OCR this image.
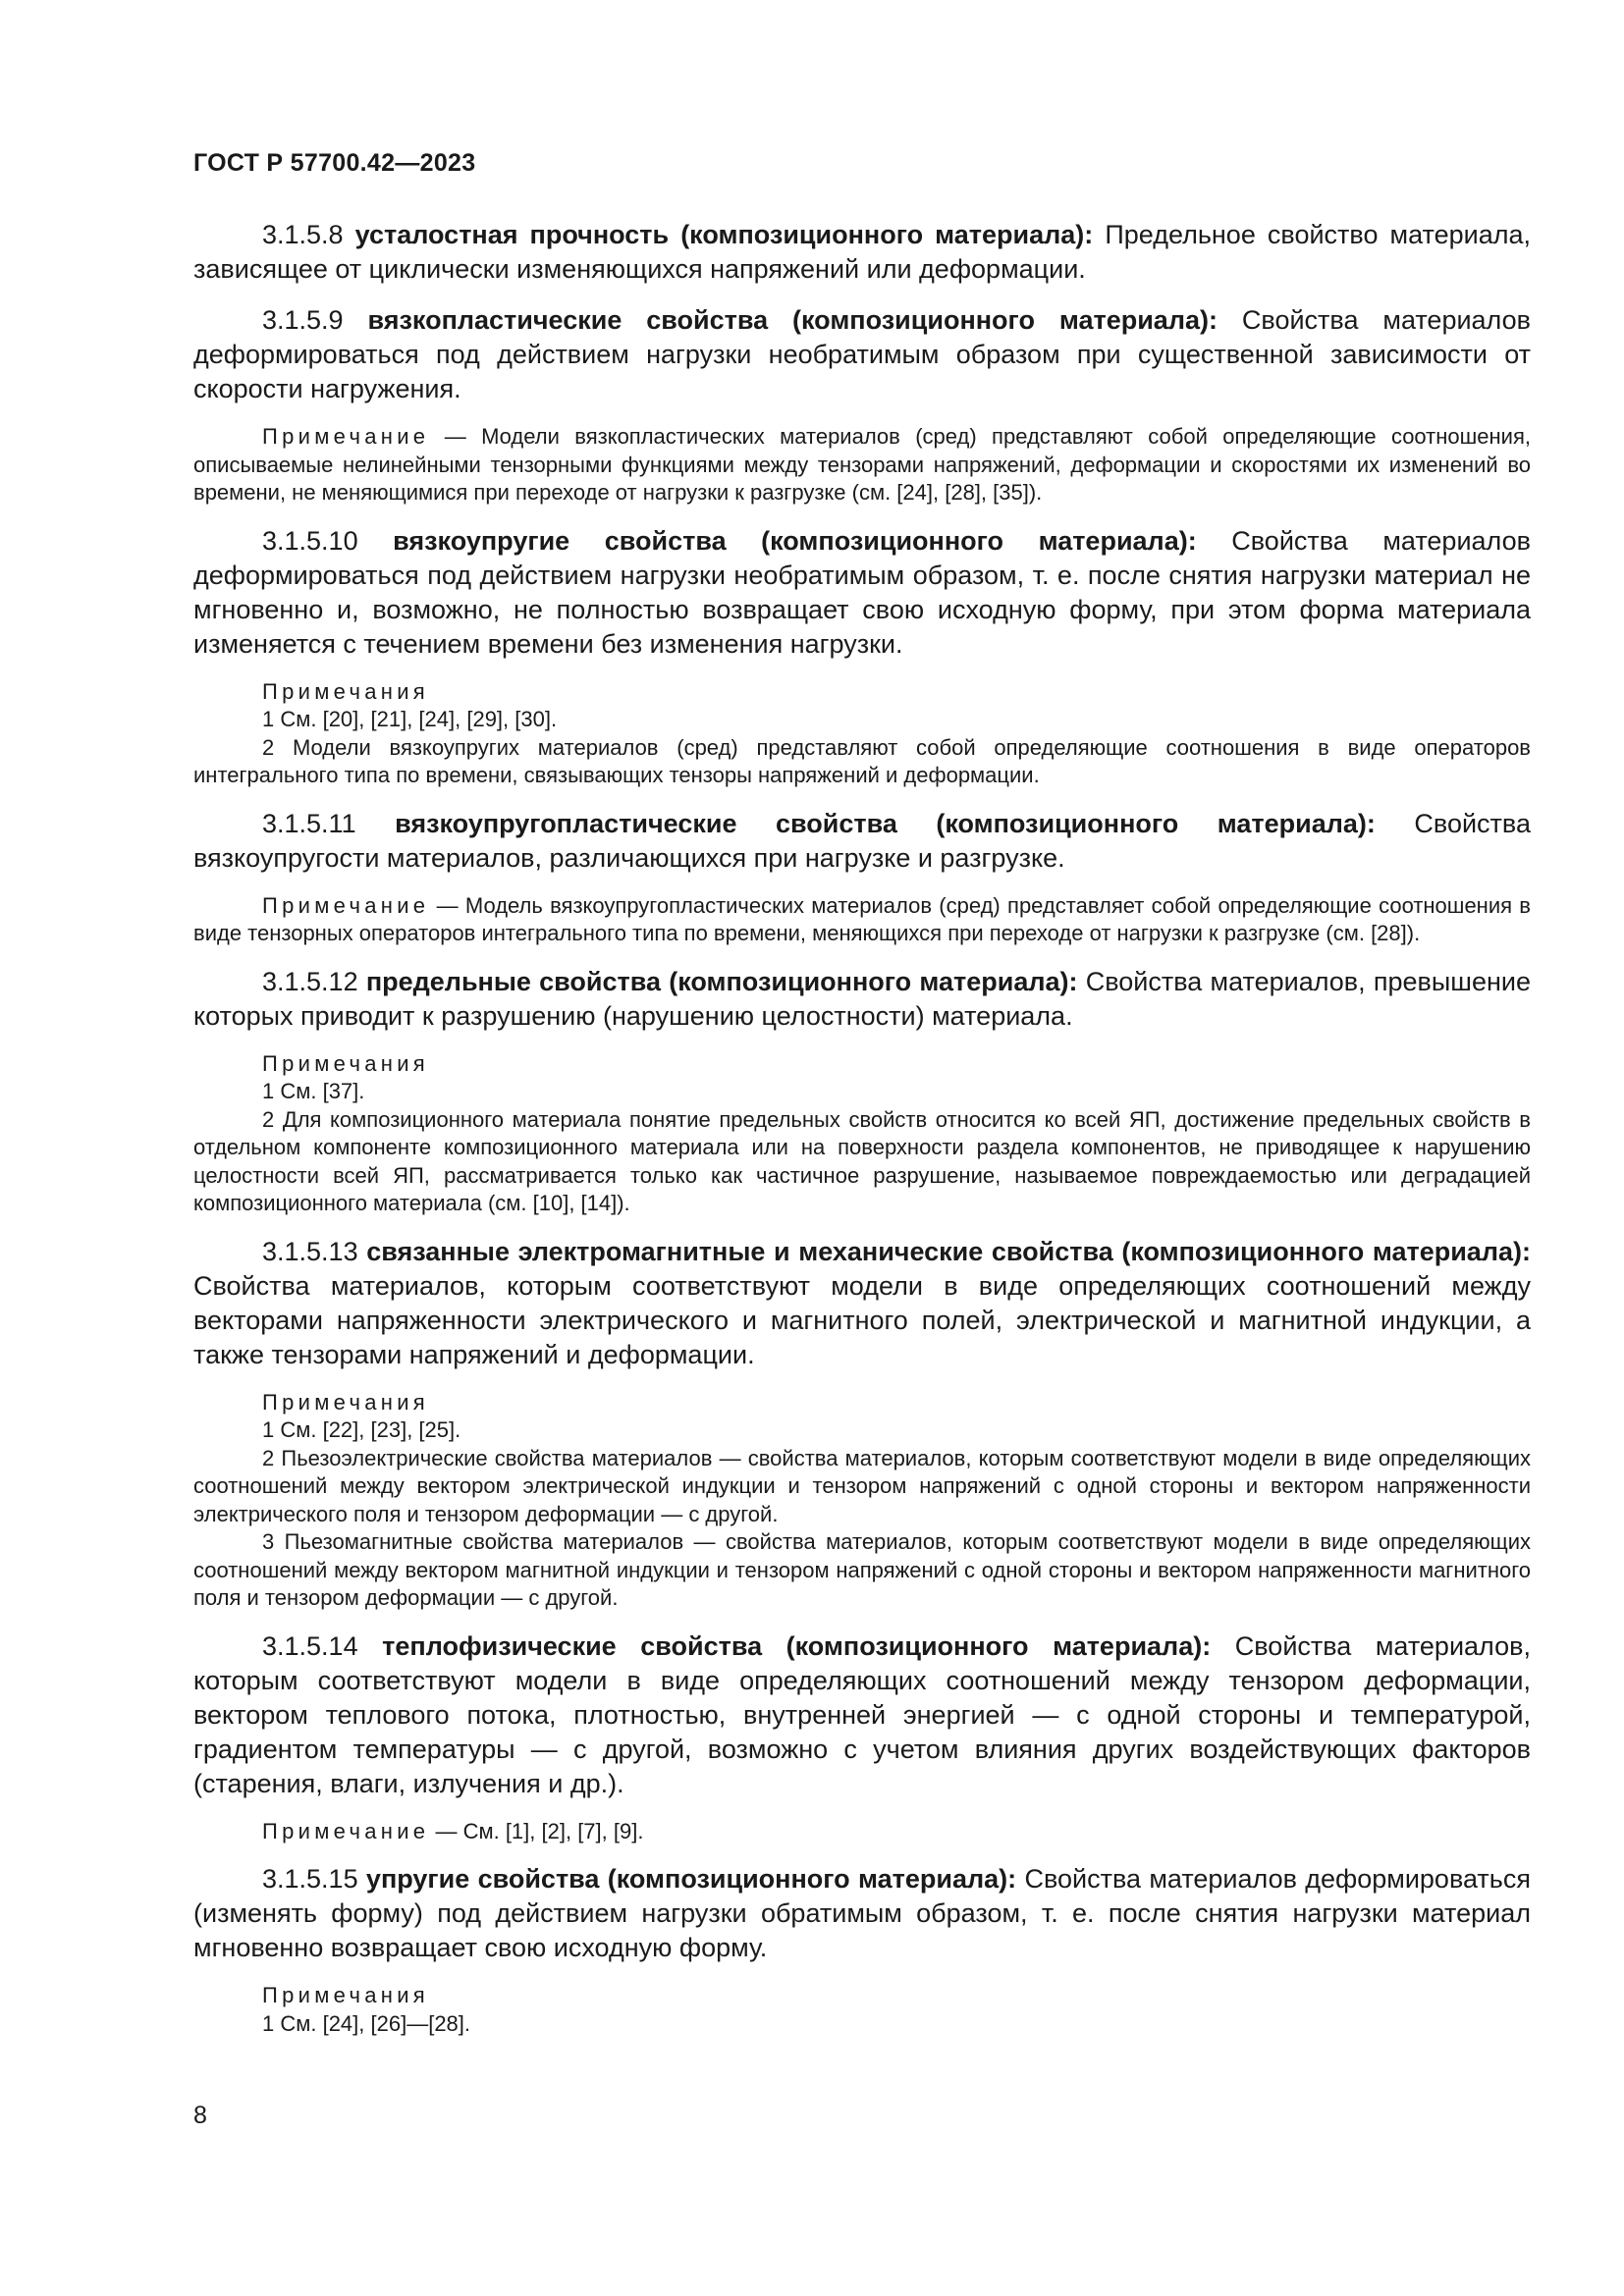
ГОСТ Р 57700.42—2023

3.1.5.8 усталостная прочность (композиционного материала): Предельное свойство материала, зависящее от циклически изменяющихся напряжений или деформации.

3.1.5.9 вязкопластические свойства (композиционного материала): Свойства материалов деформироваться под действием нагрузки необратимым образом при существенной зависимости от скорости нагружения.

Примечание — Модели вязкопластических материалов (сред) представляют собой определяющие соотношения, описываемые нелинейными тензорными функциями между тензорами напряжений, деформации и скоростями их изменений во времени, не меняющимися при переходе от нагрузки к разгрузке (см. [24], [28], [35]).

3.1.5.10 вязкоупругие свойства (композиционного материала): Свойства материалов деформироваться под действием нагрузки необратимым образом, т. е. после снятия нагрузки материал не мгновенно и, возможно, не полностью возвращает свою исходную форму, при этом форма материала изменяется с течением времени без изменения нагрузки.

Примечания

1 См. [20], [21], [24], [29], [30].

2 Модели вязкоупругих материалов (сред) представляют собой определяющие соотношения в виде операторов интегрального типа по времени, связывающих тензоры напряжений и деформации.

3.1.5.11 вязкоупругопластические свойства (композиционного материала): Свойства вязкоупругости материалов, различающихся при нагрузке и разгрузке.

Примечание — Модель вязкоупругопластических материалов (сред) представляет собой определяющие соотношения в виде тензорных операторов интегрального типа по времени, меняющихся при переходе от нагрузки к разгрузке (см. [28]).

3.1.5.12 предельные свойства (композиционного материала): Свойства материалов, превышение которых приводит к разрушению (нарушению целостности) материала.

Примечания

1 См. [37].

2 Для композиционного материала понятие предельных свойств относится ко всей ЯП, достижение предельных свойств в отдельном компоненте композиционного материала или на поверхности раздела компонентов, не приводящее к нарушению целостности всей ЯП, рассматривается только как частичное разрушение, называемое повреждаемостью или деградацией композиционного материала (см. [10], [14]).

3.1.5.13 связанные электромагнитные и механические свойства (композиционного материала): Свойства материалов, которым соответствуют модели в виде определяющих соотношений между векторами напряженности электрического и магнитного полей, электрической и магнитной индукции, а также тензорами напряжений и деформации.

Примечания

1 См. [22], [23], [25].

2 Пьезоэлектрические свойства материалов — свойства материалов, которым соответствуют модели в виде определяющих соотношений между вектором электрической индукции и тензором напряжений с одной стороны и вектором напряженности электрического поля и тензором деформации — с другой.

3 Пьезомагнитные свойства материалов — свойства материалов, которым соответствуют модели в виде определяющих соотношений между вектором магнитной индукции и тензором напряжений с одной стороны и вектором напряженности магнитного поля и тензором деформации — с другой.

3.1.5.14 теплофизические свойства (композиционного материала): Свойства материалов, которым соответствуют модели в виде определяющих соотношений между тензором деформации, вектором теплового потока, плотностью, внутренней энергией — с одной стороны и температурой, градиентом температуры — с другой, возможно с учетом влияния других воздействующих факторов (старения, влаги, излучения и др.).

Примечание — См. [1], [2], [7], [9].

3.1.5.15 упругие свойства (композиционного материала): Свойства материалов деформироваться (изменять форму) под действием нагрузки обратимым образом, т. е. после снятия нагрузки материал мгновенно возвращает свою исходную форму.

Примечания

1 См. [24], [26]—[28].

8
